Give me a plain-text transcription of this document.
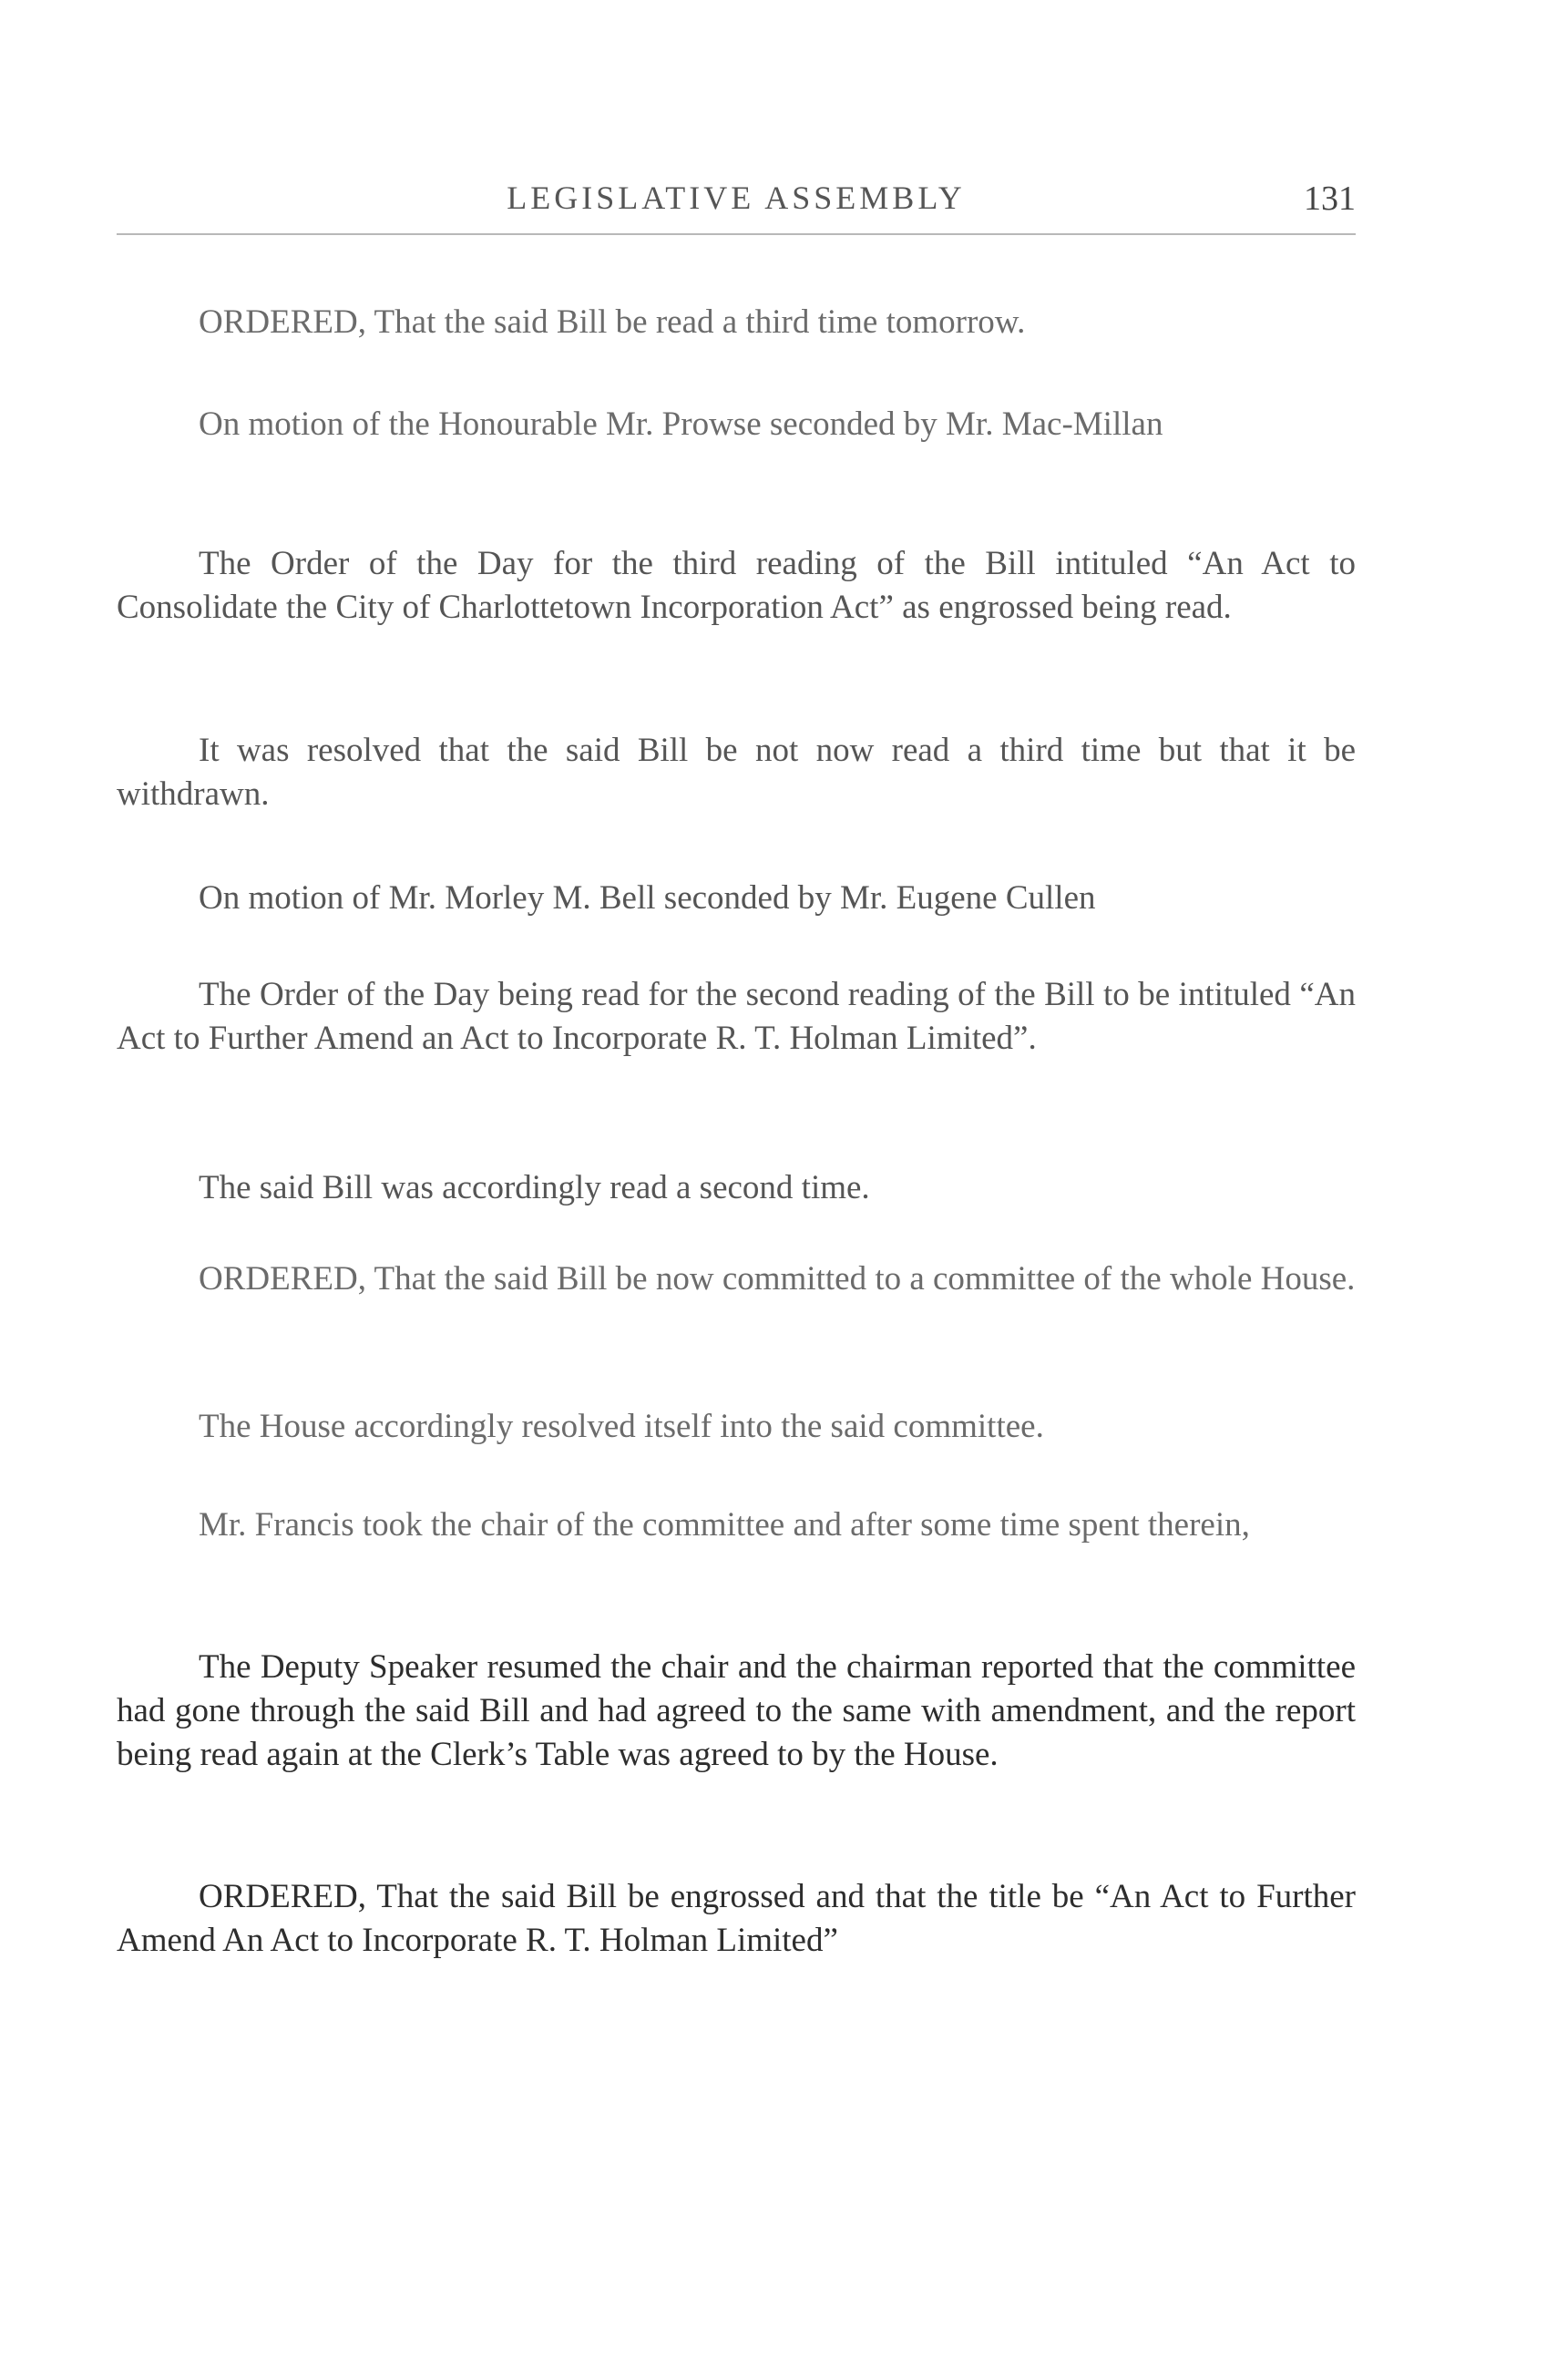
LEGISLATIVE ASSEMBLY	131

ORDERED, That the said Bill be read a third time tomorrow.

On motion of the Honourable Mr. Prowse seconded by Mr. Mac-Millan

The Order of the Day for the third reading of the Bill intituled “An Act to Consolidate the City of Charlottetown Incorporation Act” as engrossed being read.

It was resolved that the said Bill be not now read a third time but that it be withdrawn.

On motion of Mr. Morley M. Bell seconded by Mr. Eugene Cullen

The Order of the Day being read for the second reading of the Bill to be intituled “An Act to Further Amend an Act to Incorporate R. T. Holman Limited”.

The said Bill was accordingly read a second time.

ORDERED, That the said Bill be now committed to a committee of the whole House.

The House accordingly resolved itself into the said committee.

Mr. Francis took the chair of the committee and after some time spent therein,

The Deputy Speaker resumed the chair and the chairman reported that the committee had gone through the said Bill and had agreed to the same with amendment, and the report being read again at the Clerk’s Table was agreed to by the House.

ORDERED, That the said Bill be engrossed and that the title be “An Act to Further Amend An Act to Incorporate R. T. Holman Limited”
